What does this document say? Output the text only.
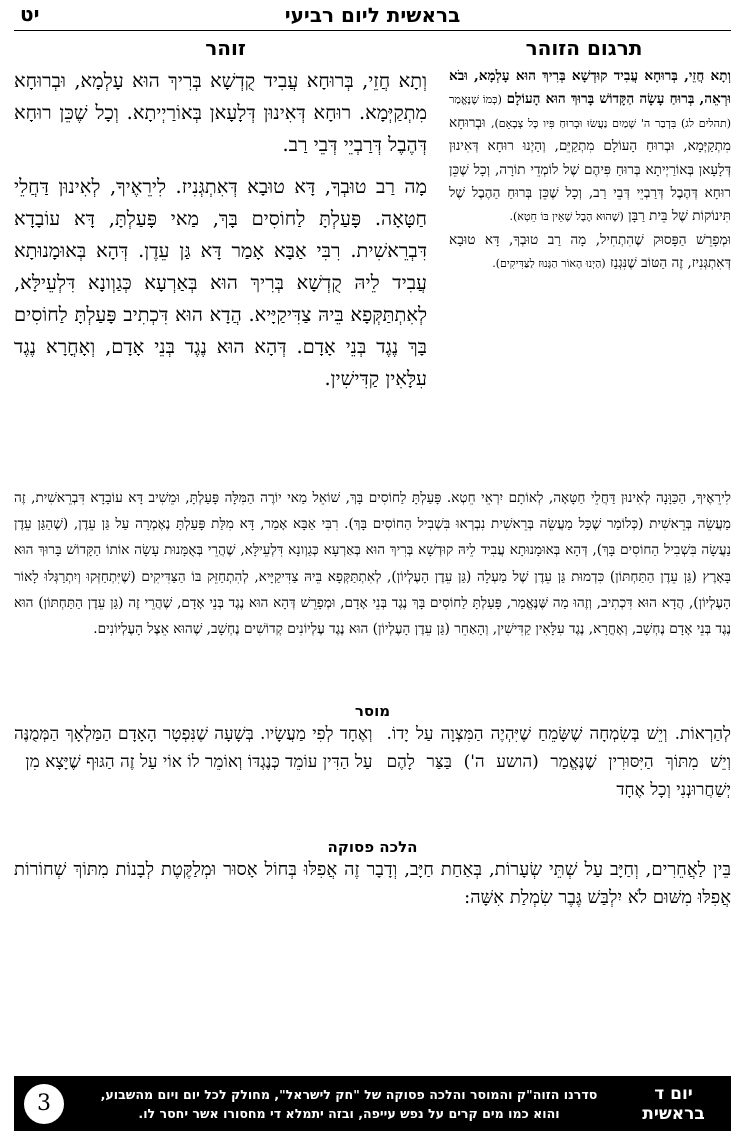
בראשית ליום רביעי
יט
תרגום הזוהר
זוהר

וְתָא חֲזֵי, בְּרוּחָא עֲבִיד קוּדְשָׁא בְּרִיךְ הוּא עָלְמָא, וּבֹא וּרְאֵה, בְּרוּחַ עָשָׂה הַקָּדוֹשׁ בָּרוּךְ הוּא הָעוֹלָם (כְּמוֹ שֶׁנֶּאֱמַר (תהלים לג) בִּדְבַר ה' שָׁמַיִם נַעֲשׂוּ וּבְרוּחַ פִּיו כָּל צְבָאָם), וּבְרוּחָא מִתְקַיְּמָא, וּבְרוּחַ הָעוֹלָם מִתְקַיֵּם, וְהַיְנוּ רוּחָא דְּאִינוּן דְּלָעָאן בְּאוֹרַיְיתָא בְּרוּחַ פִּיהֶם שֶׁל לוֹמְדֵי תוֹרָה, וְכָל שֶׁכֵּן רוּחָא דְּהֶבֶל דְּרַבְיֵי דְּבֵי רַב, וְכָל שֶׁכֵּן בְּרוּחַ הַהֶבֶל שֶׁל תִּינוֹקוֹת שֶׁל בֵּית רַבָּן (שֶׁהוּא הֶבֶל שֶׁאֵין בּוֹ חֵטְא).

וּמְפָרֵשׁ הַפָּסוּק שֶׁהִתְחִיל, מָה רַב טוּבְךָ, דָּא טוּבָא דְּאִתְגְּנִיז, זֶה הַטּוֹב שֶׁנִּגְנַז (הַיְנוּ הָאוֹר הַגָּנוּז לַצַּדִּיקִים).

וְתָא חֲזֵי, בְּרוּחָא עֲבִיד קֻדְשָׁא בְּרִיךְ הוּא עָלְמָא, וּבְרוּחָא מִתְקַיְּמָא. רוּחָא דְּאִינוּן דְּלָעָאן בְּאוֹרַיְיתָא. וְכָל שֶׁכֵּן רוּחָא דְּהֶבֶל דְּרַבְיֵי דְּבֵי רַב.

מָה רַב טוּבְךָ, דָּא טוּבָא דְּאִתְגְּנִיז. לִירֵאֶיךָ, לְאִינוּן דַּחֲלֵי חַטָּאָה. פָּעַלְתָּ לַחוֹסִים בָּךְ, מַאי פָּעַלְתָּ, דָּא עוֹבָדָא דִּבְרֵאשִׁית. רִבִּי אַבָּא אָמַר דָּא גַּן עֵדֶן. דְּהָא בְּאוּמָנוּתָא עֲבִיד לֵיהּ קֻדְשָׁא בְּרִיךְ הוּא בְּאַרְעָא כְּגַוְונָא דִּלְעֵילָּא, לְאִתְתַּקְּפָא בֵּיהּ צַדִּיקַיָּיא. הֲדָא הוּא דִּכְתִיב פָּעַלְתָּ לַחוֹסִים בָּךְ נֶגֶד בְּנֵי אָדָם. דְּהָא הוּא נֶגֶד בְּנֵי אָדָם, וְאָחֳרָא נֶגֶד עִלָּאִין קַדִּישִׁין.

לִירֵאֶיךָ, הַכַּוָּנָה לְאִינוּן דַּחֲלֵי חַטָּאָה, לְאוֹתָם יִרְאֵי חֵטְא. פָּעַלְתָּ לַחוֹסִים בָּךְ, שׁוֹאֵל מַאי יוֹרֶה הַמִּלָּה פָּעַלְתָּ, וּמֵשִׁיב דָּא עוֹבָדָא דִּבְרֵאשִׁית, זֶה מַעֲשֵׂה בְּרֵאשִׁית (כְּלוֹמַר שֶׁכָּל מַעֲשֵׂה בְּרֵאשִׁית נִבְרְאוּ בִּשְׁבִיל הַחוֹסִים בָּךְ). רִבִּי אַבָּא אָמַר, דָּא מִלַּת פָּעַלְתָּ נֶאֶמְרָה עַל גַּן עֵדֶן, (שֶׁהַגַּן עֵדֶן נַעֲשָׂה בִּשְׁבִיל הַחוֹסִים בָּךְ), דְּהָא בְּאוּמָנוּתָא עֲבִיד לֵיהּ קוּדְשָׁא בְּרִיךְ הוּא בְּאַרְעָא כְּגַוְונָא דִּלְעֵילָּא, שֶׁהֲרֵי בְּאֻמָּנוּת עָשָׂה אוֹתוֹ הַקָּדוֹשׁ בָּרוּךְ הוּא בָּאָרֶץ (גַּן עֵדֶן הַתַּחְתּוֹן) כִּדְמוּת גַּן עֵדֶן שֶׁל מַעְלָה (גַּן עֵדֶן הָעֶלְיוֹן), לְאִתְתַּקְּפָא בֵּיהּ צַדִּיקַיָּיא, לְהִתְחַזֵּק בּוֹ הַצַּדִּיקִים (שֶׁיִּתְחַזְּקוּ וְיִתְרַגְּלוּ לָאוֹר הָעֶלְיוֹן), הֲדָא הוּא דִּכְתִיב, וְזֶהוּ מַה שֶּׁנֶּאֱמַר, פָּעַלְתָּ לַחוֹסִים בָּךְ נֶגֶד בְּנֵי אָדָם, וּמְפָרֵשׁ דְּהָא הוּא נֶגֶד בְּנֵי אָדָם, שֶׁהֲרֵי זֶה (גַּן עֵדֶן הַתַּחְתּוֹן) הוּא נֶגֶד בְּנֵי אָדָם נֶחְשָׁב, וְאָחֳרָא, נֶגֶד עִלָּאִין קַדִּישִׁין, וְהָאַחֵר (גַּן עֵדֶן הָעֶלְיוֹן) הוּא נֶגֶד עֶלְיוֹנִים קְדוֹשִׁים נֶחְשָׁב, שֶׁהוּא אֵצֶל הָעֶלְיוֹנִים.

מוסר

לְהַרְאוֹת. וְיֵשׁ בְּשִׂמְחָה שֶׁשָּׂמֵחַ שֶׁיִּהְיֶה הַמִּצְוָה עַל יָדוֹ. וְיֵשׁ מִתּוֹךְ הַיִּסּוּרִין שֶׁנֶּאֱמַר (הושע ה') בַּצַּר לָהֶם יְשַׁחֲרוּנְנִי וְכָל אֶחָד
וְאֶחָד לְפִי מַעֲשָׂיו. בְּשָׁעָה שֶׁנִּפְטָר הָאָדָם הַמַּלְאָךְ הַמְּמֻנֶּה עַל הַדִּין עוֹמֵד כְּנֶגְדּוֹ וְאוֹמֵר לוֹ אוֹי עַל זֶה הַגּוּף שֶׁיָּצָא מִן

הלכה פסוקה

בֵּין לַאֲחֵרִים, וְחַיָּב עַל שְׁתֵּי שְׂעָרוֹת, בְּאַחַת חַיָּב, וְדָבָר זֶה אֲפִלּוּ בְּחוֹל אָסוּר וּמְלַקֶּטֶת לְבָנוֹת מִתּוֹךְ שְׁחוֹרוֹת אֲפִלּוּ מִשּׁוּם לֹא יִלְבַּשׁ גֶּבֶר שִׂמְלַת אִשָּׁה:
יום ד
בראשית
סדרנו הזוה"ק והמוסר והלכה פסוקה של "חק לישראל", מחולק לכל יום ויום מהשבוע,
והוא כמו מים קרים על נפש עייפה, ובזה יתמלא די מחסורו אשר יחסר לו.
3
